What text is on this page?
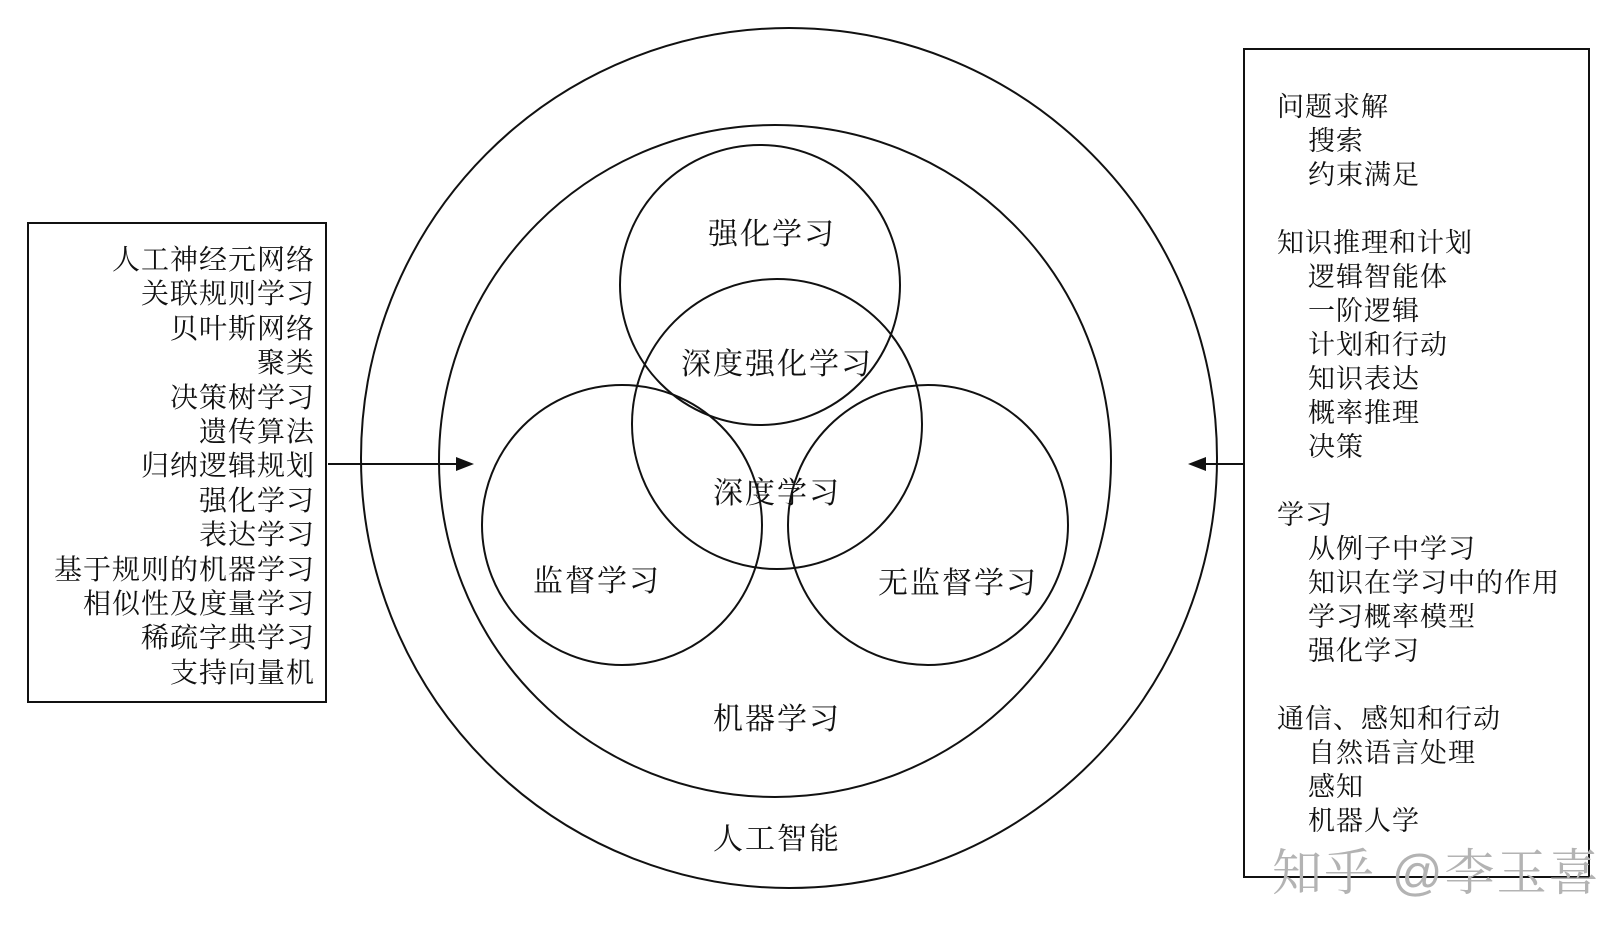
强化学习
深度强化学习
深度学习
监督学习	无监督学习
机器学习
人工智能
人工神经元网络
关联规则学习
贝叶斯网络
聚类
决策树学习
遗传算法
归纳逻辑规划
强化学习
表达学习
基于规则的机器学习
相似性及度量学习
稀疏字典学习
支持向量机
问题求解
搜索
约束满足
知识推理和计划
逻辑智能体
一阶逻辑
计划和行动
知识表达
概率推理
决策
学习
从例子中学习
知识在学习中的作用
学习概率模型
强化学习
通信、感知和行动
自然语言处理
感知
机器人学
知乎 @李玉喜
